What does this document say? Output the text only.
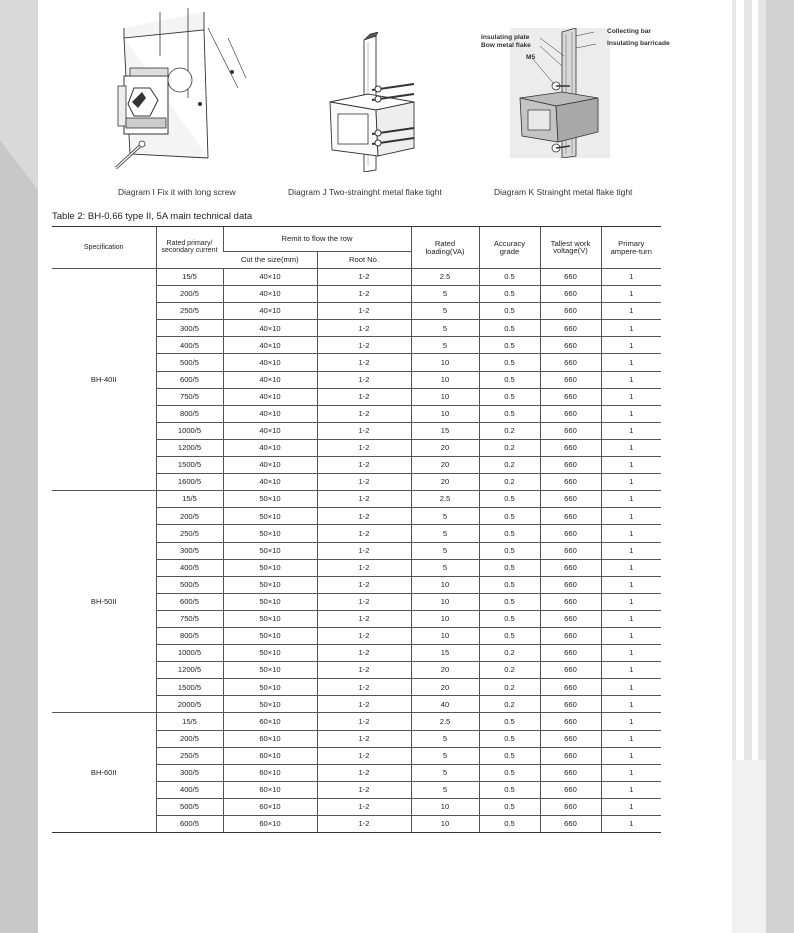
Diagram I Fix it with long screw	Diagram J Two-strainght metal flake tight
Collecting bar
Insulating barricade
Insulating plate
Bow metal flake
M5
Diagram K Strainght metal flake tight
Table 2: BH-0.66 type II, 5A main technical data
Specification	Rated primary/ secondary current	Remit to flow the row		Rated loading(VA)	Accuracy grade	Tallest work voltage(V)	Primary ampere-turn
		Cut the size(mm)	Root No.				
BH-40II	15/5	40×10	1-2	2.5	0.5	660	1
	200/5	40×10	1-2	5	0.5	660	1
	250/5	40×10	1-2	5	0.5	660	1
	300/5	40×10	1-2	5	0.5	660	1
	400/5	40×10	1-2	5	0.5	660	1
	500/5	40×10	1-2	10	0.5	660	1
	600/5	40×10	1-2	10	0.5	660	1
	750/5	40×10	1-2	10	0.5	660	1
	800/5	40×10	1-2	10	0.5	660	1
	1000/5	40×10	1-2	15	0.2	660	1
	1200/5	40×10	1-2	20	0.2	660	1
	1500/5	40×10	1-2	20	0.2	660	1
	1600/5	40×10	1-2	20	0.2	660	1
BH-50II	15/5	50×10	1-2	2.5	0.5	660	1
	200/5	50×10	1-2	5	0.5	660	1
	250/5	50×10	1-2	5	0.5	660	1
	300/5	50×10	1-2	5	0.5	660	1
	400/5	50×10	1-2	5	0.5	660	1
	500/5	50×10	1-2	10	0.5	660	1
	600/5	50×10	1-2	10	0.5	660	1
	750/5	50×10	1-2	10	0.5	660	1
	800/5	50×10	1-2	10	0.5	660	1
	1000/5	50×10	1-2	15	0.2	660	1
	1200/5	50×10	1-2	20	0.2	660	1
	1500/5	50×10	1-2	20	0.2	660	1
	2000/5	50×10	1-2	40	0.2	660	1
BH-60II	15/5	60×10	1-2	2.5	0.5	660	1
	200/5	60×10	1-2	5	0.5	660	1
	250/5	60×10	1-2	5	0.5	660	1
	300/5	60×10	1-2	5	0.5	660	1
	400/5	60×10	1-2	5	0.5	660	1
	500/5	60×10	1-2	10	0.5	660	1
	600/5	60×10	1-2	10	0.5	660	1
